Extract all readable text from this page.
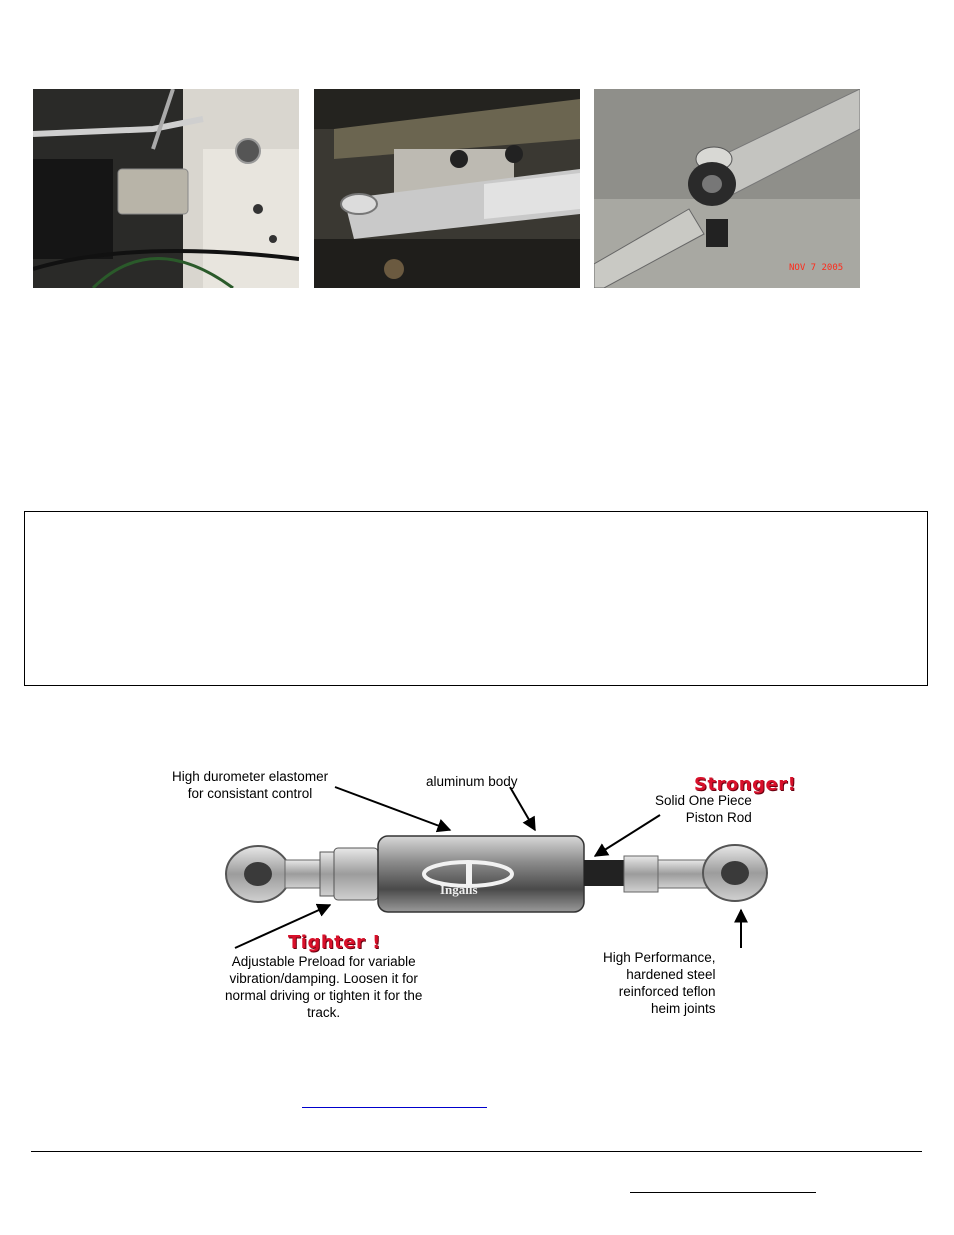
NOV 7 2005
Ingalls
High durometer elastomer
for consistant control
aluminum body	Stronger!
Solid One Piece
Piston Rod
Tighter !
Adjustable Preload for variable
vibration/damping. Loosen it for
normal driving or tighten it for the
track.
High Performance,
hardened steel
reinforced teflon
heim joints
